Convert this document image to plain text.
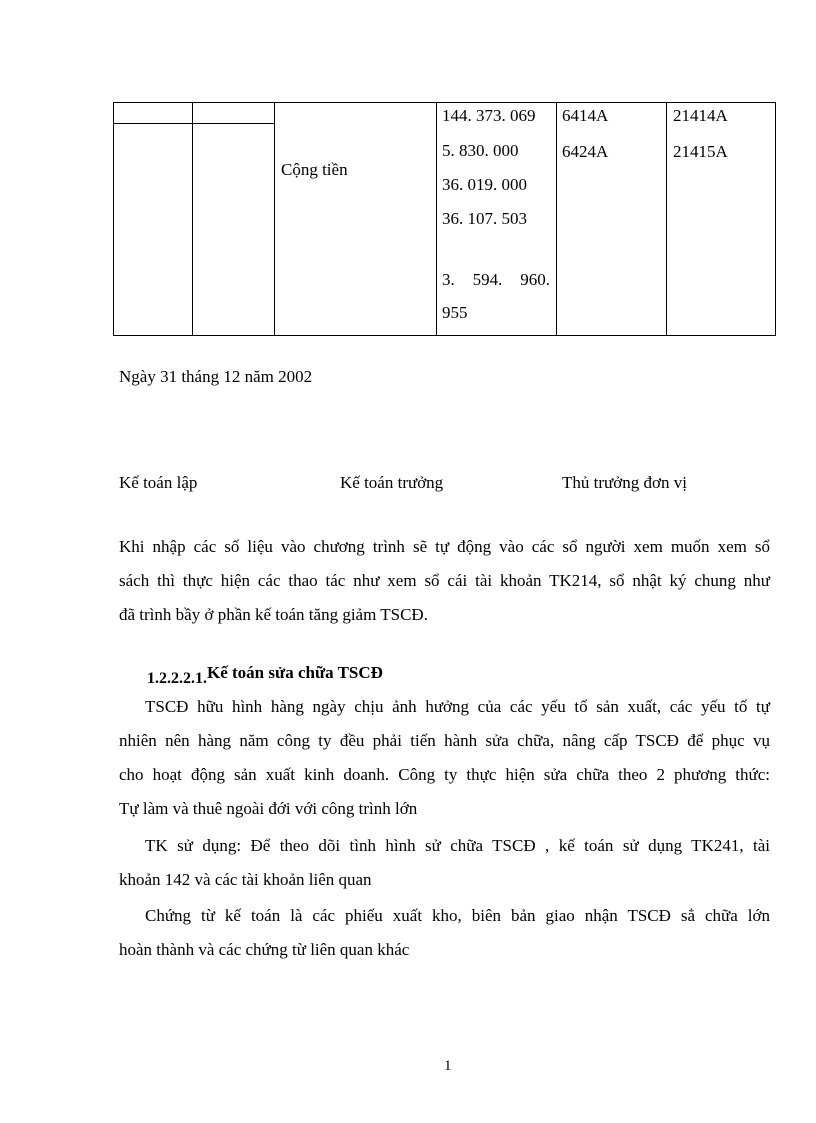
Cộng tiền
144. 373. 069
5. 830. 000
36. 019. 000
36. 107. 503
3. 594. 960.
955
6414A
6424A
21414A
21415A
Ngày 31 tháng 12 năm 2002
Kế toán lập	Kế toán trưởng	Thủ trưởng đơn vị
Khi nhập các số liệu vào chương trình sẽ tự động vào các sổ người xem muốn xem sổ
sách thì thực hiện các thao tác như xem sổ cái tài khoản TK214, sổ nhật ký chung như
đã trình bầy ở phần kế toán tăng giảm TSCĐ.
1.2.2.2.1.Kế toán sửa chữa TSCĐ
TSCĐ hữu hình hàng ngày chịu ảnh hưởng của các yếu tố sản xuất, các yếu tố tự
nhiên nên hàng năm công ty đều phải tiến hành sửa chữa, nâng cấp TSCĐ để phục vụ
cho hoạt động sản xuất kinh doanh. Công ty thực hiện sửa chữa theo 2 phương thức:
Tự làm và thuê ngoài đới với công trình lớn
TK sử dụng: Để theo dõi tình hình sử chữa TSCĐ , kế toán sử dụng TK241, tài
khoản 142 và các tài khoản liên quan
Chứng từ kế toán là các phiếu xuất kho, biên bản giao nhận TSCĐ sẳ chữa lớn
hoàn thành và các chứng từ liên quan khác
1
